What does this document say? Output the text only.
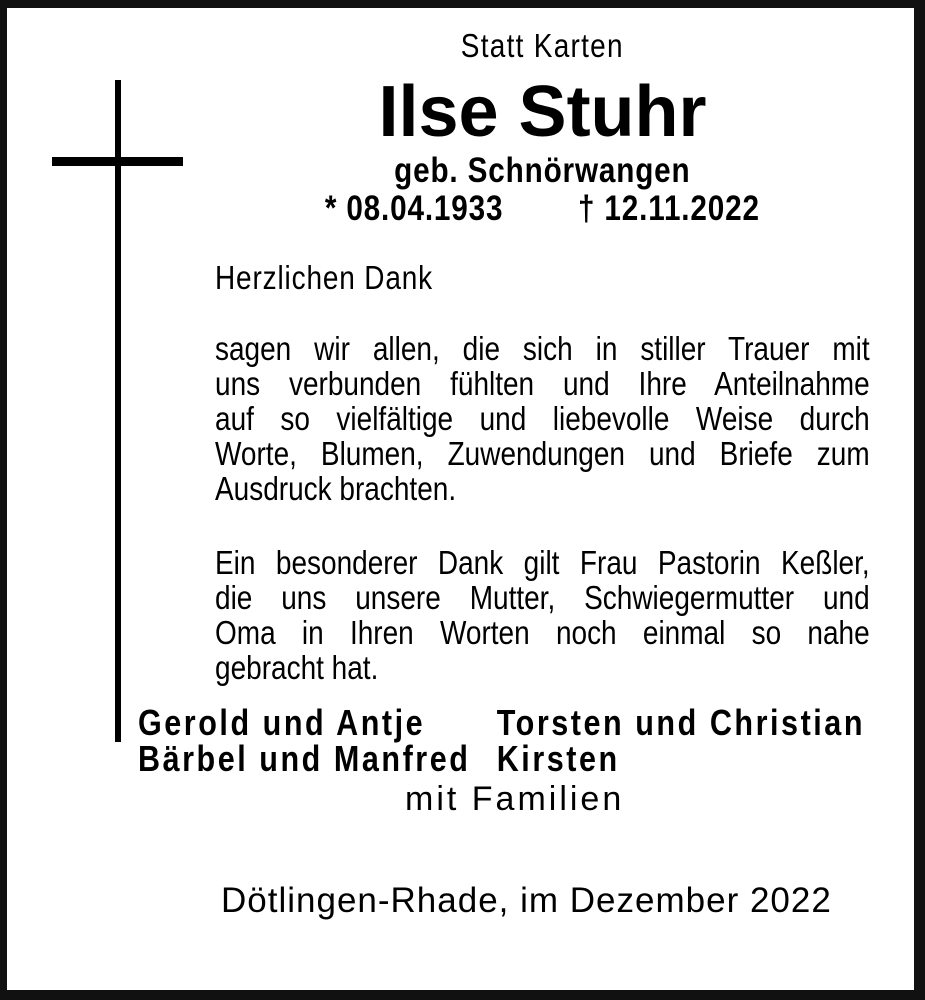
Statt Karten
Ilse Stuhr
geb. Schnörwangen
* 08.04.1933 † 12.11.2022
Herzlichen Dank
sagen wir allen, die sich in stiller Trauer mit
uns verbunden fühlten und Ihre Anteilnahme
auf so vielfältige und liebevolle Weise durch
Worte, Blumen, Zuwendungen und Briefe zum
Ausdruck brachten.
Ein besonderer Dank gilt Frau Pastorin Keßler,
die uns unsere Mutter, Schwiegermutter und
Oma in Ihren Worten noch einmal so nahe
gebracht hat.
Gerold und Antje
Bärbel und Manfred
Torsten und Christian
Kirsten
mit Familien
Dötlingen-Rhade, im Dezember 2022
